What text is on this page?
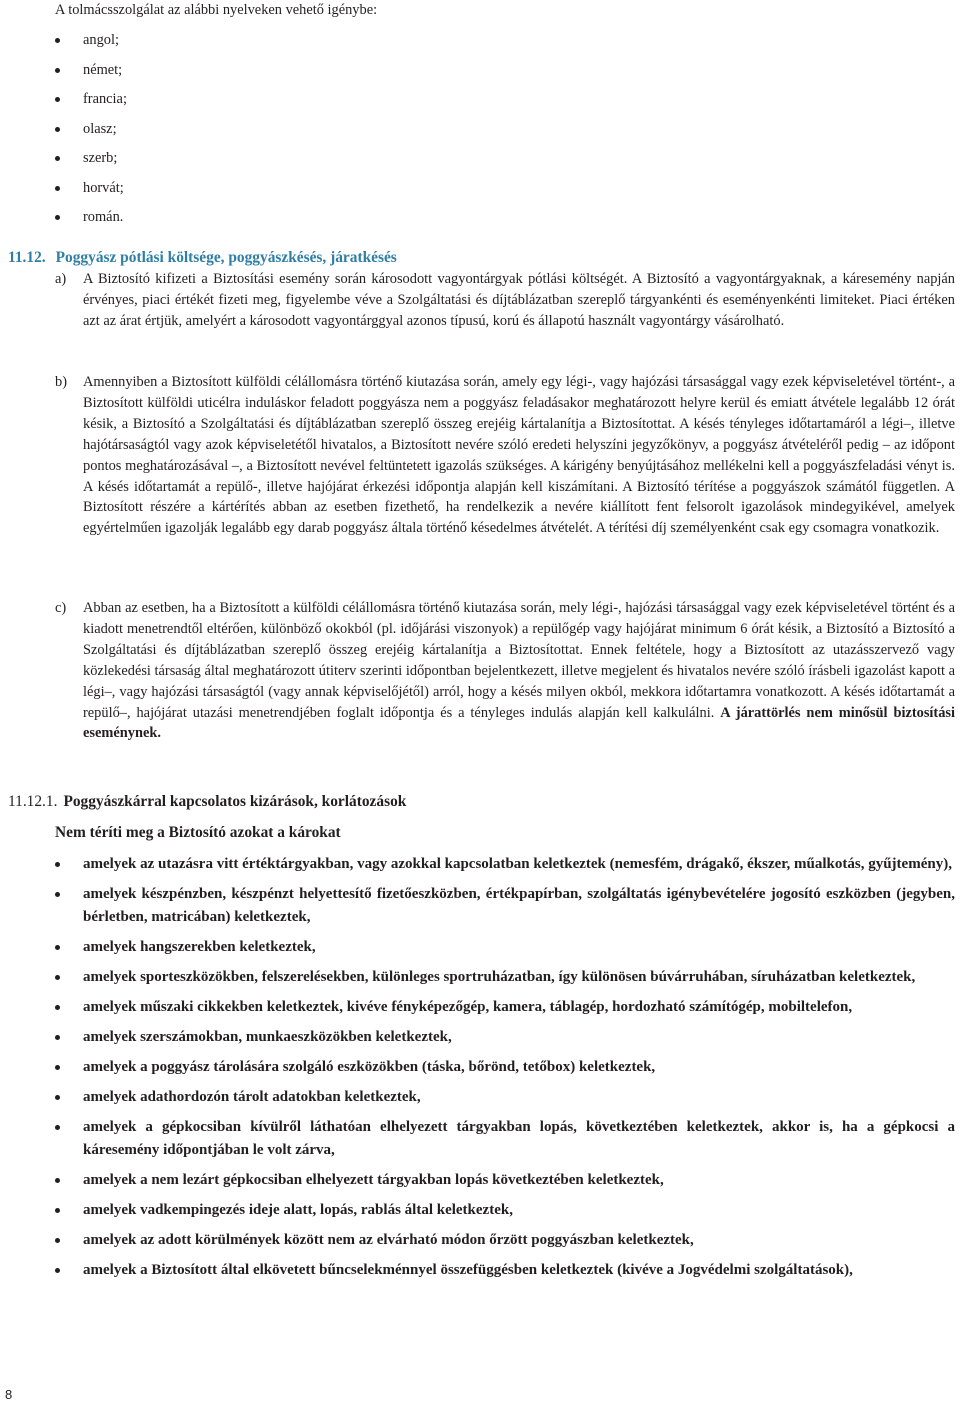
A tolmácsszolgálat az alábbi nyelveken vehető igénybe:
angol;
német;
francia;
olasz;
szerb;
horvát;
román.
11.12. Poggyász pótlási költsége, poggyászkésés, járatkésés
a) A Biztosító kifizeti a Biztosítási esemény során károsodott vagyontárgyak pótlási költségét. A Biztosító a vagyontárgyaknak, a káresemény napján érvényes, piaci értékét fizeti meg, figyelembe véve a Szolgáltatási és díjtáblázatban szereplő tárgyankénti és eseményenkénti limiteket. Piaci értéken azt az árat értjük, amelyért a károsodott vagyontárggyal azonos típusú, korú és állapotú használt vagyontárgy vásárolható.
b) Amennyiben a Biztosított külföldi célállomásra történő kiutazása során, amely egy légi-, vagy hajózási társasággal vagy ezek képviseletével történt-, a Biztosított külföldi uticélra induláskor feladott poggyásza nem a poggyász feladásakor meghatározott helyre kerül és emiatt átvétele legalább 12 órát késik, a Biztosító a Szolgáltatási és díjtáblázatban szereplő összeg erejéig kártalanítja a Biztosítottat. A késés tényleges időtartamáról a légi–, illetve hajótársaságtól vagy azok képviseletétől hivatalos, a Biztosított nevére szóló eredeti helyszíni jegyzőkönyv, a poggyász átvételéről pedig – az időpont pontos meghatározásával –, a Biztosított nevével feltüntetett igazolás szükséges. A kárigény benyújtásához mellékelni kell a poggyászfeladási vényt is. A késés időtartamát a repülő-, illetve hajójárat érkezési időpontja alapján kell kiszámítani. A Biztosító térítése a poggyászok számától független. A Biztosított részére a kártérítés abban az esetben fizethető, ha rendelkezik a nevére kiállított fent felsorolt igazolások mindegyikével, amelyek egyértelműen igazolják legalább egy darab poggyász általa történő késedelmes átvételét. A térítési díj személyenként csak egy csomagra vonatkozik.
c) Abban az esetben, ha a Biztosított a külföldi célállomásra történő kiutazása során, mely légi-, hajózási társasággal vagy ezek képviseletével történt és a kiadott menetrendtől eltérően, különböző okokból (pl. időjárási viszonyok) a repülőgép vagy hajójárat minimum 6 órát késik, a Biztosító a Biztosító a Szolgáltatási és díjtáblázatban szereplő összeg erejéig kártalanítja a Biztosítottat. Ennek feltétele, hogy a Biztosított az utazásszervező vagy közlekedési társaság által meghatározott útiterv szerinti időpontban bejelentkezett, illetve megjelent és hivatalos nevére szóló írásbeli igazolást kapott a légi–, vagy hajózási társaságtól (vagy annak képviselőjétől) arról, hogy a késés milyen okból, mekkora időtartamra vonatkozott. A késés időtartamát a repülő–, hajójárat utazási menetrendjében foglalt időpontja és a tényleges indulás alapján kell kalkulálni. A járattörlés nem minősül biztosítási eseménynek.
11.12.1. Poggyászkárral kapcsolatos kizárások, korlátozások
Nem téríti meg a Biztosító azokat a károkat
amelyek az utazásra vitt értéktárgyakban, vagy azokkal kapcsolatban keletkeztek (nemesfém, drágakő, ékszer, műalkotás, gyűjtemény),
amelyek készpénzben, készpénzt helyettesítő fizetőeszközben, értékpapírban, szolgáltatás igénybevételére jogosító eszközben (jegyben, bérletben, matricában) keletkeztek,
amelyek hangszerekben keletkeztek,
amelyek sporteszközökben, felszerelésekben, különleges sportruházatban, így különösen búvárruhában, síruházatban keletkeztek,
amelyek műszaki cikkekben keletkeztek, kivéve fényképezőgép, kamera, táblagép, hordozható számítógép, mobiltelefon,
amelyek szerszámokban, munkaeszközökben keletkeztek,
amelyek a poggyász tárolására szolgáló eszközökben (táska, bőrönd, tetőbox) keletkeztek,
amelyek adathordozón tárolt adatokban keletkeztek,
amelyek a gépkocsiban kívülről láthatóan elhelyezett tárgyakban lopás, következtében keletkeztek, akkor is, ha a gépkocsi a káresemény időpontjában le volt zárva,
amelyek a nem lezárt gépkocsiban elhelyezett tárgyakban lopás következtében keletkeztek,
amelyek vadkempingezés ideje alatt, lopás, rablás által keletkeztek,
amelyek az adott körülmények között nem az elvárható módon őrzött poggyászban keletkeztek,
amelyek a Biztosított által elkövetett bűncselekménnyel összefüggésben keletkeztek (kivéve a Jogvédelmi szolgáltatások),
8
